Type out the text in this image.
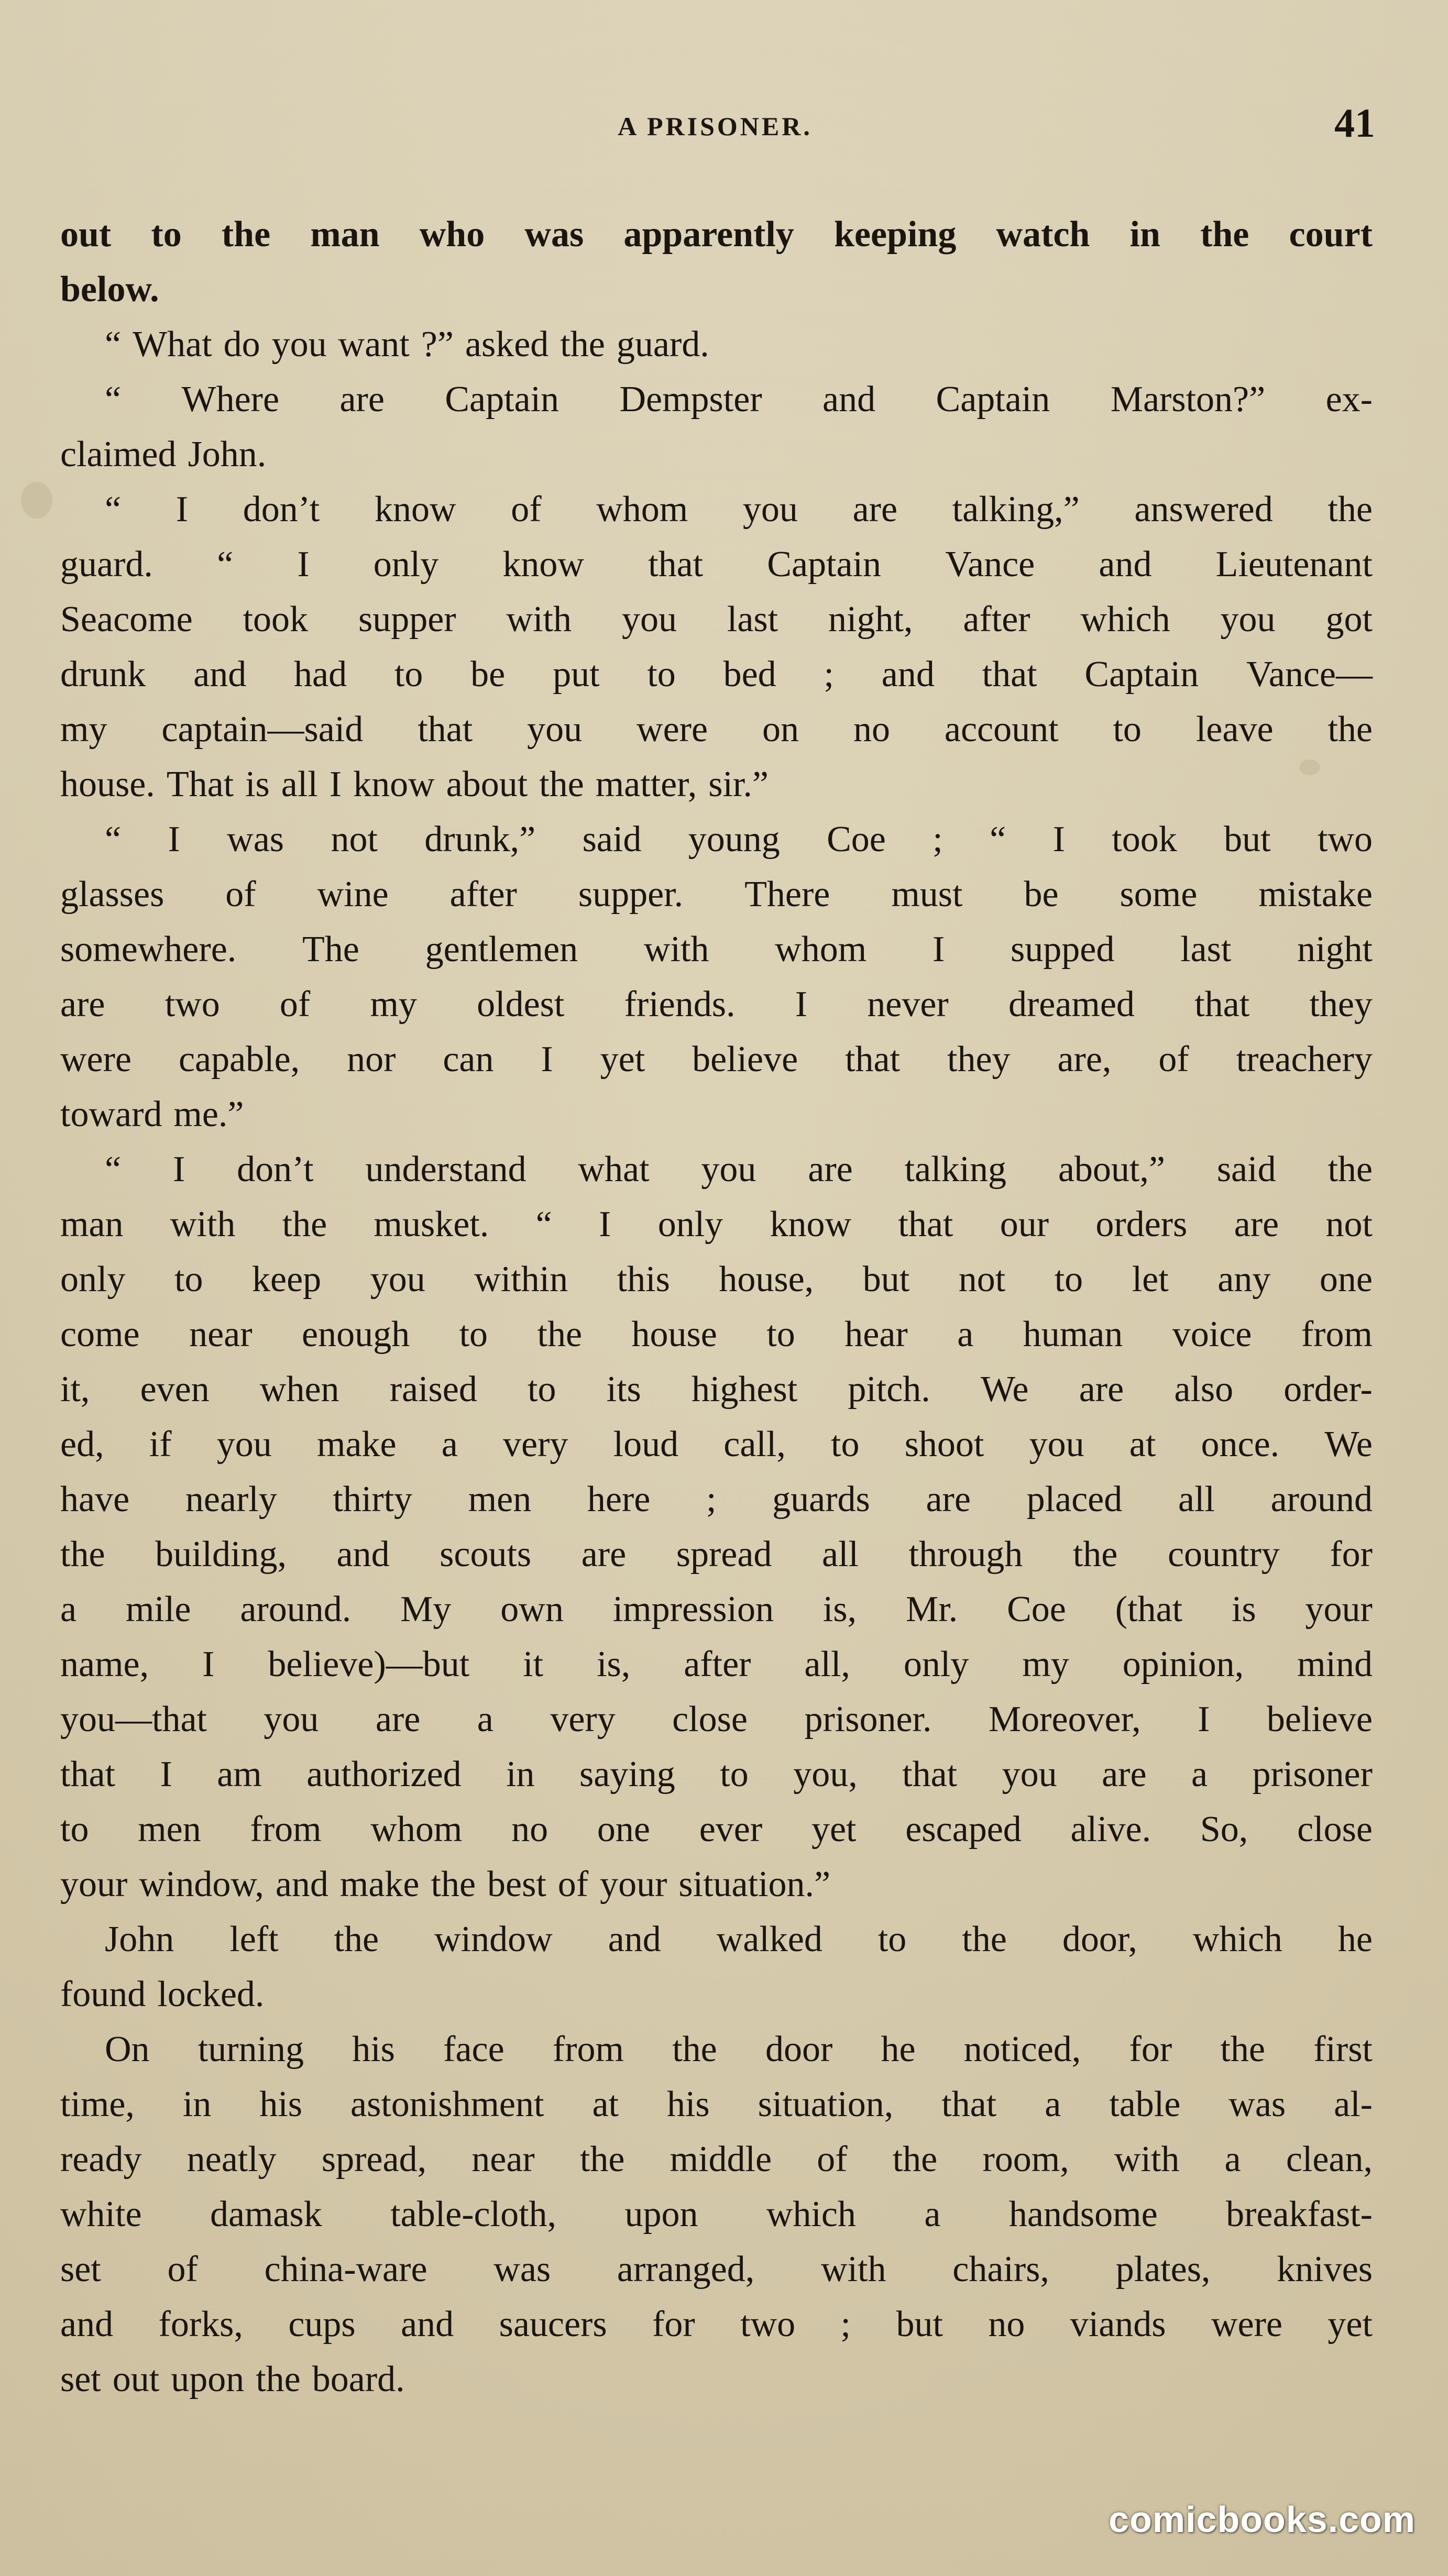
A PRISONER.	41
out to the man who was apparently keeping watch in the court
below.
“ What do you want ?” asked the guard.
“ Where are Captain Dempster and Captain Marston?” ex-
claimed John.
“ I don’t know of whom you are talking,” answered the
guard. “ I only know that Captain Vance and Lieutenant
Seacome took supper with you last night, after which you got
drunk and had to be put to bed ; and that Captain Vance—
my captain—said that you were on no account to leave the
house. That is all I know about the matter, sir.”
“ I was not drunk,” said young Coe ; “ I took but two
glasses of wine after supper. There must be some mistake
somewhere. The gentlemen with whom I supped last night
are two of my oldest friends. I never dreamed that they
were capable, nor can I yet believe that they are, of treachery
toward me.”
“ I don’t understand what you are talking about,” said the
man with the musket. “ I only know that our orders are not
only to keep you within this house, but not to let any one
come near enough to the house to hear a human voice from
it, even when raised to its highest pitch. We are also order-
ed, if you make a very loud call, to shoot you at once. We
have nearly thirty men here ; guards are placed all around
the building, and scouts are spread all through the country for
a mile around. My own impression is, Mr. Coe (that is your
name, I believe)—but it is, after all, only my opinion, mind
you—that you are a very close prisoner. Moreover, I believe
that I am authorized in saying to you, that you are a prisoner
to men from whom no one ever yet escaped alive. So, close
your window, and make the best of your situation.”
John left the window and walked to the door, which he
found locked.
On turning his face from the door he noticed, for the first
time, in his astonishment at his situation, that a table was al-
ready neatly spread, near the middle of the room, with a clean,
white damask table-cloth, upon which a handsome breakfast-
set of china-ware was arranged, with chairs, plates, knives
and forks, cups and saucers for two ; but no viands were yet
set out upon the board.
comicbooks.com
